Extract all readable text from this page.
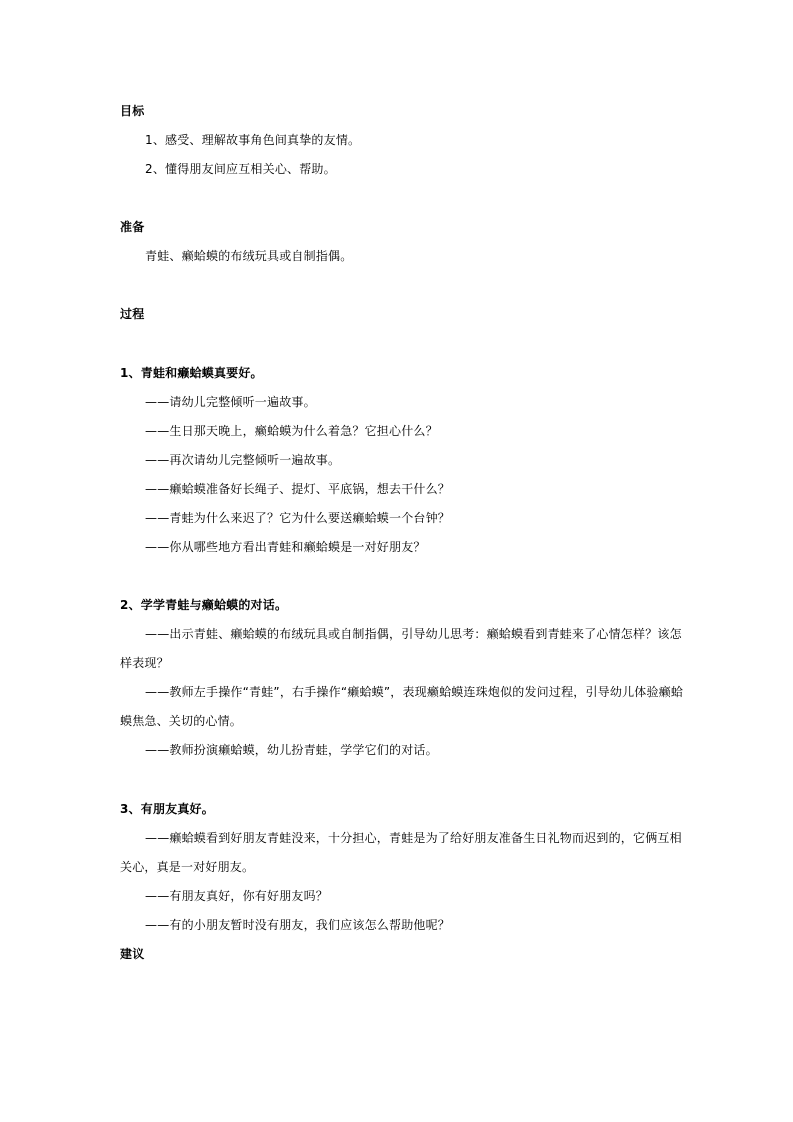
目标
1、感受、理解故事角色间真挚的友情。
2、懂得朋友间应互相关心、帮助。
准备
青蛙、癞蛤蟆的布绒玩具或自制指偶。
过程
1、青蛙和癞蛤蟆真要好。
——请幼儿完整倾听一遍故事。
——生日那天晚上，癞蛤蟆为什么着急？它担心什么？
——再次请幼儿完整倾听一遍故事。
——癞蛤蟆准备好长绳子、提灯、平底锅，想去干什么？
——青蛙为什么来迟了？它为什么要送癞蛤蟆一个台钟？
——你从哪些地方看出青蛙和癞蛤蟆是一对好朋友？
2、学学青蛙与癞蛤蟆的对话。
——出示青蛙、癞蛤蟆的布绒玩具或自制指偶，引导幼儿思考：癞蛤蟆看到青蛙来了心情怎样？该怎
样表现？
——教师左手操作“青蛙”，右手操作“癞蛤蟆”，表现癞蛤蟆连珠炮似的发问过程，引导幼儿体验癞蛤
蟆焦急、关切的心情。
——教师扮演癞蛤蟆，幼儿扮青蛙，学学它们的对话。
3、有朋友真好。
——癞蛤蟆看到好朋友青蛙没来，十分担心，青蛙是为了给好朋友准备生日礼物而迟到的，它俩互相
关心，真是一对好朋友。
——有朋友真好，你有好朋友吗？
——有的小朋友暂时没有朋友，我们应该怎么帮助他呢？
建议
